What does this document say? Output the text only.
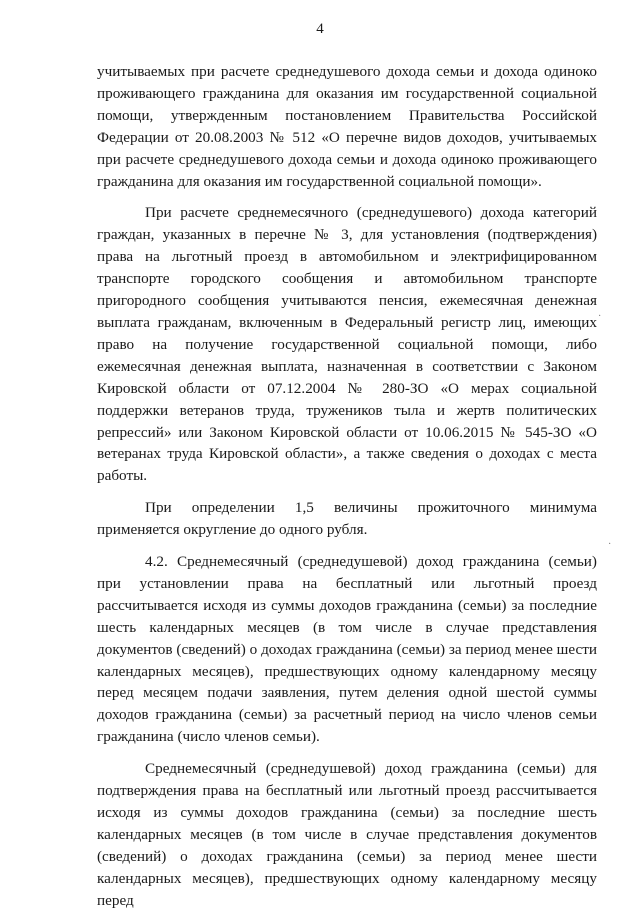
4

учитываемых при расчете среднедушевого дохода семьи и дохода одиноко проживающего гражданина для оказания им государственной социальной помощи, утвержденным постановлением Правительства Российской Федерации от 20.08.2003 № 512 «О перечне видов доходов, учитываемых при расчете среднедушевого дохода семьи и дохода одиноко проживающего гражданина для оказания им государственной социальной помощи».

При расчете среднемесячного (среднедушевого) дохода категорий граждан, указанных в перечне № 3, для установления (подтверждения) права на льготный проезд в автомобильном и электрифицированном транспорте городского сообщения и автомобильном транспорте пригородного сообщения учитываются пенсия, ежемесячная денежная выплата гражданам, включенным в Федеральный регистр лиц, имеющих право на получение государственной социальной помощи, либо ежемесячная денежная выплата, назначенная в соответствии с Законом Кировской области от 07.12.2004 № 280-ЗО «О мерах социальной поддержки ветеранов труда, тружеников тыла и жертв политических репрессий» или Законом Кировской области от 10.06.2015 № 545-ЗО «О ветеранах труда Кировской области», а также сведения о доходах с места работы.

При определении 1,5 величины прожиточного минимума применяется округление до одного рубля.

4.2. Среднемесячный (среднедушевой) доход гражданина (семьи) при установлении права на бесплатный или льготный проезд рассчитывается исходя из суммы доходов гражданина (семьи) за последние шесть календарных месяцев (в том числе в случае представления документов (сведений) о доходах гражданина (семьи) за период менее шести календарных месяцев), предшествующих одному календарному месяцу перед месяцем подачи заявления, путем деления одной шестой суммы доходов гражданина (семьи) за расчетный период на число членов семьи гражданина (число членов семьи).

Среднемесячный (среднедушевой) доход гражданина (семьи) для подтверждения права на бесплатный или льготный проезд рассчитывается исходя из суммы доходов гражданина (семьи) за последние шесть календарных месяцев (в том числе в случае представления документов (сведений) о доходах гражданина (семьи) за период менее шести календарных месяцев), предшествующих одному календарному месяцу перед

·
·
